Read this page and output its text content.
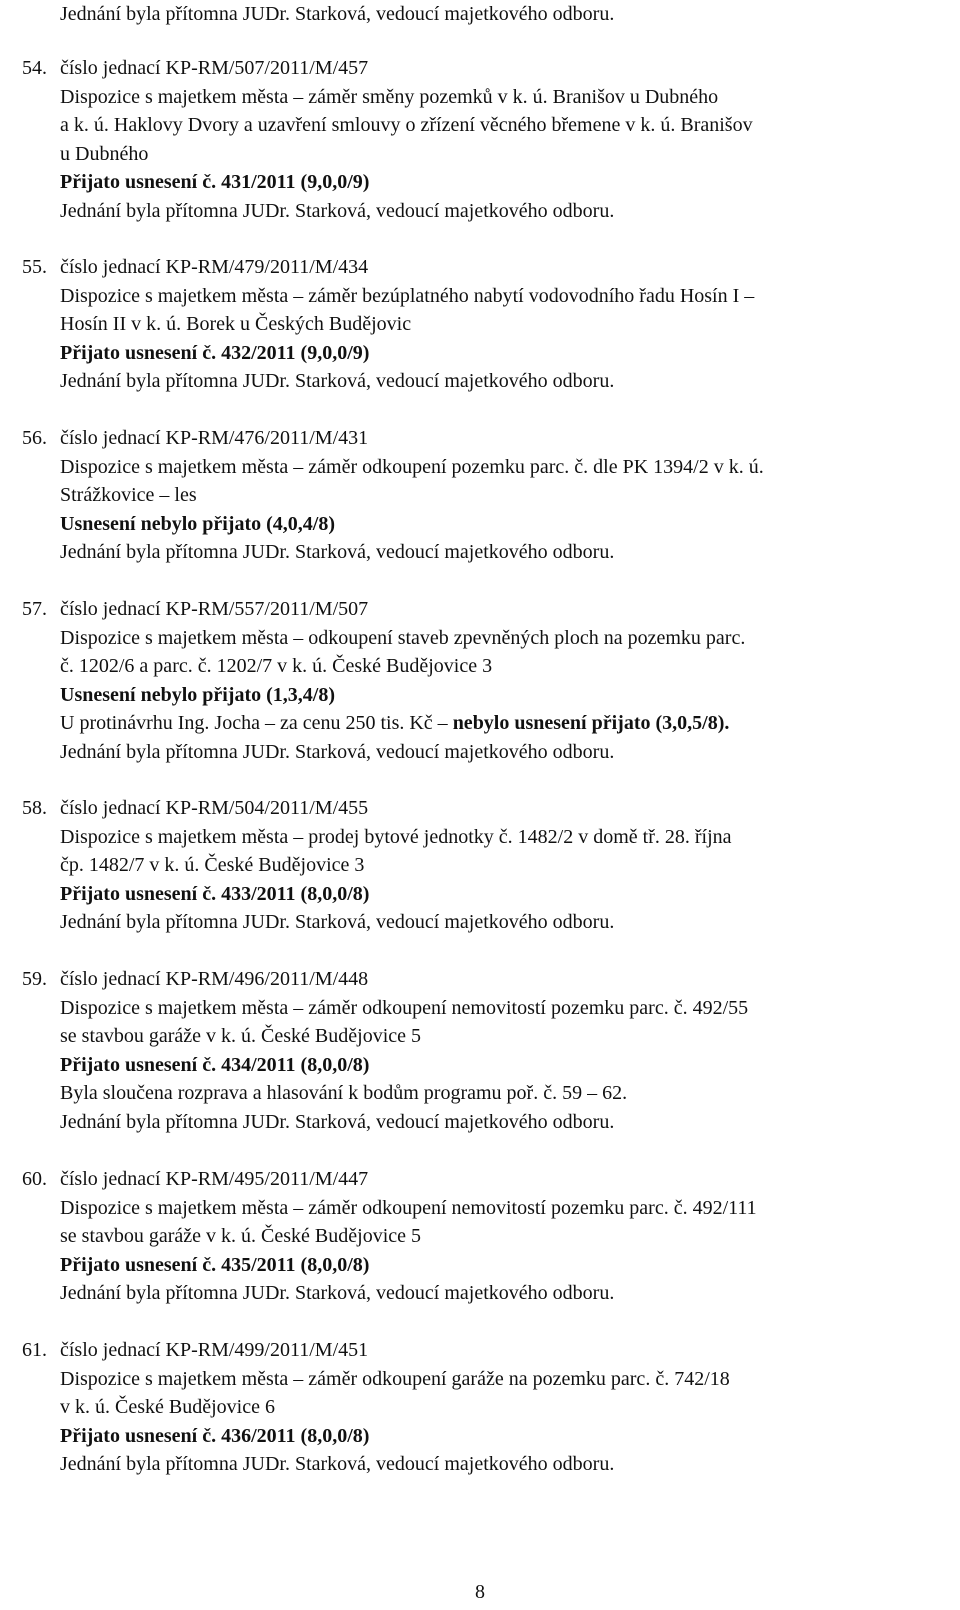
Jednání byla přítomna JUDr. Starková, vedoucí majetkového odboru.
54. číslo jednací KP-RM/507/2011/M/457
Dispozice s majetkem města – záměr směny pozemků v k. ú. Branišov u Dubného
a k. ú. Haklovy Dvory a uzavření smlouvy o zřízení věcného břemene v k. ú. Branišov
u Dubného
Přijato usnesení č. 431/2011 (9,0,0/9)
Jednání byla přítomna JUDr. Starková, vedoucí majetkového odboru.
55. číslo jednací KP-RM/479/2011/M/434
Dispozice s majetkem města – záměr bezúplatného nabytí vodovodního řadu Hosín I –
Hosín II v k. ú. Borek u Českých Budějovic
Přijato usnesení č. 432/2011 (9,0,0/9)
Jednání byla přítomna JUDr. Starková, vedoucí majetkového odboru.
56. číslo jednací KP-RM/476/2011/M/431
Dispozice s majetkem města – záměr odkoupení pozemku parc. č. dle PK 1394/2 v k. ú.
Strážkovice – les
Usnesení nebylo přijato (4,0,4/8)
Jednání byla přítomna JUDr. Starková, vedoucí majetkového odboru.
57. číslo jednací KP-RM/557/2011/M/507
Dispozice s majetkem města – odkoupení staveb zpevněných ploch na pozemku parc.
č. 1202/6 a parc. č. 1202/7 v k. ú. České Budějovice 3
Usnesení nebylo přijato (1,3,4/8)
U protinávrhu Ing. Jocha – za cenu 250 tis. Kč – nebylo usnesení přijato (3,0,5/8).
Jednání byla přítomna JUDr. Starková, vedoucí majetkového odboru.
58. číslo jednací KP-RM/504/2011/M/455
Dispozice s majetkem města – prodej bytové jednotky č. 1482/2 v domě tř. 28. října
čp. 1482/7 v k. ú. České Budějovice 3
Přijato usnesení č. 433/2011 (8,0,0/8)
Jednání byla přítomna JUDr. Starková, vedoucí majetkového odboru.
59. číslo jednací KP-RM/496/2011/M/448
Dispozice s majetkem města – záměr odkoupení nemovitostí pozemku parc. č. 492/55
se stavbou garáže v k. ú. České Budějovice 5
Přijato usnesení č. 434/2011 (8,0,0/8)
Byla sloučena rozprava a hlasování k bodům programu poř. č. 59 – 62.
Jednání byla přítomna JUDr. Starková, vedoucí majetkového odboru.
60. číslo jednací KP-RM/495/2011/M/447
Dispozice s majetkem města – záměr odkoupení nemovitostí pozemku parc. č. 492/111
se stavbou garáže v k. ú. České Budějovice 5
Přijato usnesení č. 435/2011 (8,0,0/8)
Jednání byla přítomna JUDr. Starková, vedoucí majetkového odboru.
61. číslo jednací KP-RM/499/2011/M/451
Dispozice s majetkem města – záměr odkoupení garáže na pozemku parc. č. 742/18
v k. ú. České Budějovice 6
Přijato usnesení č. 436/2011 (8,0,0/8)
Jednání byla přítomna JUDr. Starková, vedoucí majetkového odboru.
8
